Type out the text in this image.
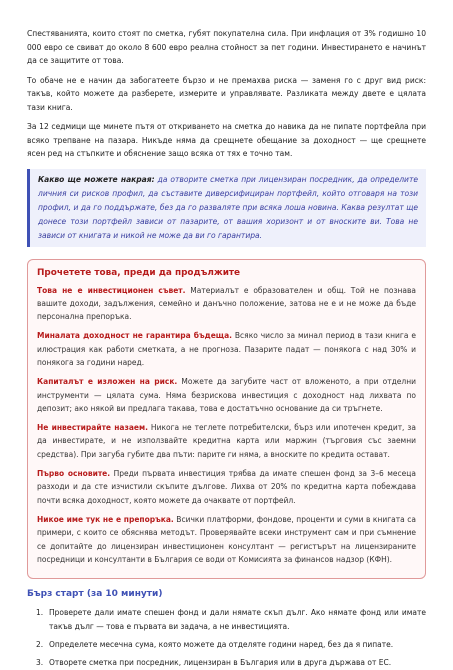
Спестяванията, които стоят по сметка, губят покупателна сила. При инфлация от 3% годишно 10 000 евро се свиват до около 8 600 евро реална стойност за пет години. Инвестирането е начинът да се защитите от това.

То обаче не е начин да забогатеете бързо и не премахва риска — заменя го с друг вид риск: такъв, който можете да разберете, измерите и управлявате. Разликата между двете е цялата тази книга.

За 12 седмици ще минете пътя от откриването на сметка до навика да не пипате портфейла при всяко трепване на пазара. Никъде няма да срещнете обещание за доходност — ще срещнете ясен ред на стъпките и обяснение защо всяка от тях е точно там.

Какво ще можете накрая: да отворите сметка при лицензиран посредник, да определите личния си рисков профил, да съставите диверсифициран портфейл, който отговаря на този профил, и да го поддържате, без да го разваляте при всяка лоша новина. Каква резултат ще донесе този портфейл зависи от пазарите, от вашия хоризонт и от вноските ви. Това не зависи от книгата и никой не може да ви го гарантира.
Прочетете това, преди да продължите

Това не е инвестиционен съвет. Материалът е образователен и общ. Той не познава вашите доходи, задължения, семейно и данъчно положение, затова не е и не може да бъде персонална препоръка.

Миналата доходност не гарантира бъдеща. Всяко число за минал период в тази книга е илюстрация как работи сметката, а не прогноза. Пазарите падат — понякога с над 30% и понякога за години наред.

Капиталът е изложен на риск. Можете да загубите част от вложеното, а при отделни инструменти — цялата сума. Няма безрискова инвестиция с доходност над лихвата по депозит; ако някой ви предлага такава, това е достатъчно основание да си тръгнете.

Не инвестирайте назаем. Никога не теглете потребителски, бърз или ипотечен кредит, за да инвестирате, и не използвайте кредитна карта или маржин (търговия със заемни средства). При загуба губите два пъти: парите ги няма, а вноските по кредита остават.

Първо основите. Преди първата инвестиция трябва да имате спешен фонд за 3–6 месеца разходи и да сте изчистили скъпите дългове. Лихва от 20% по кредитна карта побеждава почти всяка доходност, която можете да очаквате от портфейл.

Никое име тук не е препоръка. Всички платформи, фондове, проценти и суми в книгата са примери, с които се обяснява методът. Проверявайте всеки инструмент сам и при съмнение се допитайте до лицензиран инвестиционен консултант — регистърът на лицензираните посредници и консултанти в България се води от Комисията за финансов надзор (КФН).

Бърз старт (за 10 минути)
1. Проверете дали имате спешен фонд и дали нямате скъп дълг. Ако нямате фонд или имате такъв дълг — това е първата ви задача, а не инвестицията.
2. Определете месечна сума, която можете да отделяте години наред, без да я пипате.
3. Отворете сметка при посредник, лицензиран в България или в друга държава от ЕС.
